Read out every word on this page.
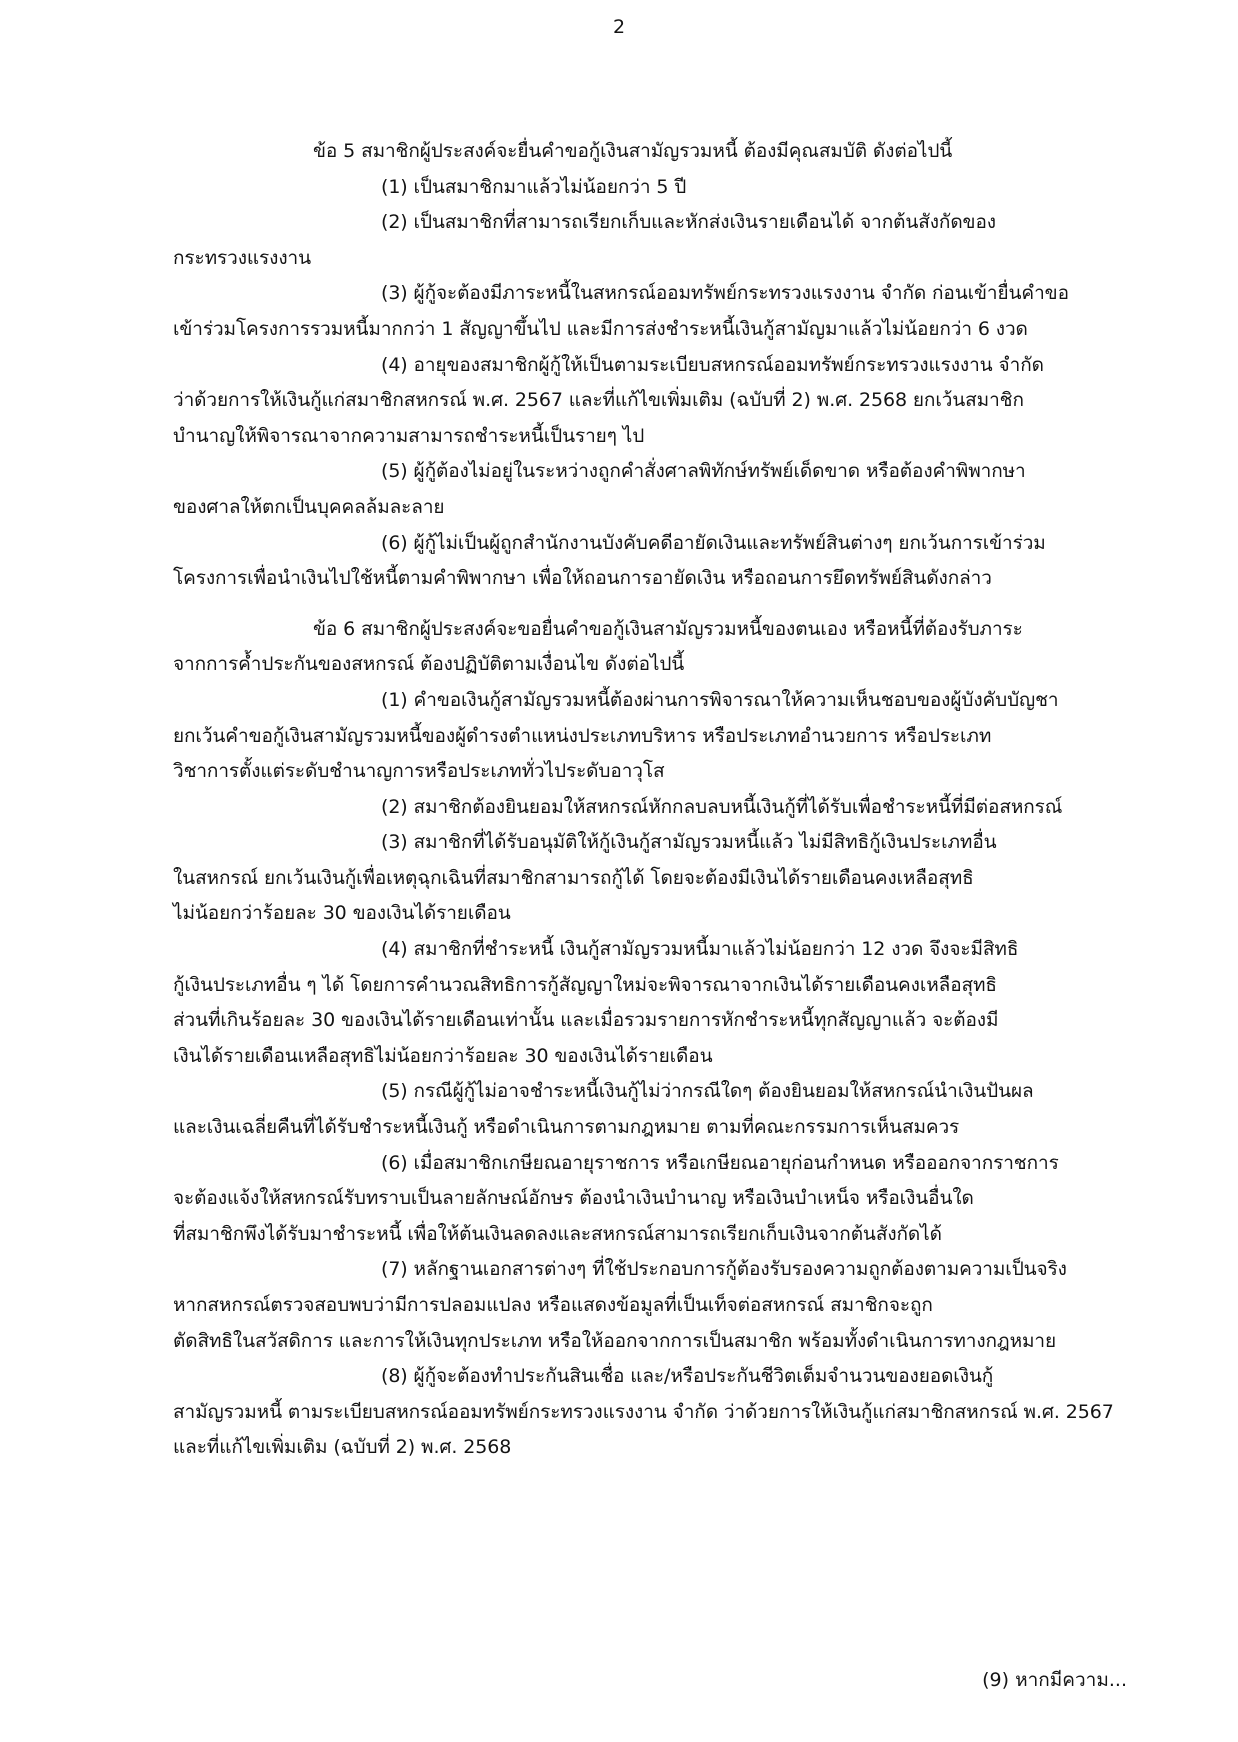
2
ข้อ 5 สมาชิกผู้ประสงค์จะยื่นคำขอกู้เงินสามัญรวมหนี้ ต้องมีคุณสมบัติ ดังต่อไปนี้
(1) เป็นสมาชิกมาแล้วไม่น้อยกว่า 5 ปี
(2) เป็นสมาชิกที่สามารถเรียกเก็บและหักส่งเงินรายเดือนได้ จากต้นสังกัดของ
กระทรวงแรงงาน
(3) ผู้กู้จะต้องมีภาระหนี้ในสหกรณ์ออมทรัพย์กระทรวงแรงงาน จำกัด ก่อนเข้ายื่นคำขอ
เข้าร่วมโครงการรวมหนี้มากกว่า 1 สัญญาขึ้นไป และมีการส่งชำระหนี้เงินกู้สามัญมาแล้วไม่น้อยกว่า 6 งวด
(4) อายุของสมาชิกผู้กู้ให้เป็นตามระเบียบสหกรณ์ออมทรัพย์กระทรวงแรงงาน จำกัด
ว่าด้วยการให้เงินกู้แก่สมาชิกสหกรณ์ พ.ศ. 2567 และที่แก้ไขเพิ่มเติม (ฉบับที่ 2) พ.ศ. 2568 ยกเว้นสมาชิก
บำนาญให้พิจารณาจากความสามารถชำระหนี้เป็นรายๆ ไป
(5) ผู้กู้ต้องไม่อยู่ในระหว่างถูกคำสั่งศาลพิทักษ์ทรัพย์เด็ดขาด หรือต้องคำพิพากษา
ของศาลให้ตกเป็นบุคคลล้มละลาย
(6) ผู้กู้ไม่เป็นผู้ถูกสำนักงานบังคับคดีอายัดเงินและทรัพย์สินต่างๆ ยกเว้นการเข้าร่วม
โครงการเพื่อนำเงินไปใช้หนี้ตามคำพิพากษา เพื่อให้ถอนการอายัดเงิน หรือถอนการยึดทรัพย์สินดังกล่าว
ข้อ 6 สมาชิกผู้ประสงค์จะขอยื่นคำขอกู้เงินสามัญรวมหนี้ของตนเอง หรือหนี้ที่ต้องรับภาระ
จากการค้ำประกันของสหกรณ์ ต้องปฏิบัติตามเงื่อนไข ดังต่อไปนี้
(1) คำขอเงินกู้สามัญรวมหนี้ต้องผ่านการพิจารณาให้ความเห็นชอบของผู้บังคับบัญชา
ยกเว้นคำขอกู้เงินสามัญรวมหนี้ของผู้ดำรงตำแหน่งประเภทบริหาร หรือประเภทอำนวยการ หรือประเภท
วิชาการตั้งแต่ระดับชำนาญการหรือประเภททั่วไประดับอาวุโส
(2) สมาชิกต้องยินยอมให้สหกรณ์หักกลบลบหนี้เงินกู้ที่ได้รับเพื่อชำระหนี้ที่มีต่อสหกรณ์
(3) สมาชิกที่ได้รับอนุมัติให้กู้เงินกู้สามัญรวมหนี้แล้ว ไม่มีสิทธิกู้เงินประเภทอื่น
ในสหกรณ์ ยกเว้นเงินกู้เพื่อเหตุฉุกเฉินที่สมาชิกสามารถกู้ได้ โดยจะต้องมีเงินได้รายเดือนคงเหลือสุทธิ
ไม่น้อยกว่าร้อยละ 30 ของเงินได้รายเดือน
(4) สมาชิกที่ชำระหนี้ เงินกู้สามัญรวมหนี้มาแล้วไม่น้อยกว่า 12 งวด จึงจะมีสิทธิ
กู้เงินประเภทอื่น ๆ ได้ โดยการคำนวณสิทธิการกู้สัญญาใหม่จะพิจารณาจากเงินได้รายเดือนคงเหลือสุทธิ
ส่วนที่เกินร้อยละ 30 ของเงินได้รายเดือนเท่านั้น และเมื่อรวมรายการหักชำระหนี้ทุกสัญญาแล้ว จะต้องมี
เงินได้รายเดือนเหลือสุทธิไม่น้อยกว่าร้อยละ 30 ของเงินได้รายเดือน
(5) กรณีผู้กู้ไม่อาจชำระหนี้เงินกู้ไม่ว่ากรณีใดๆ ต้องยินยอมให้สหกรณ์นำเงินปันผล
และเงินเฉลี่ยคืนที่ได้รับชำระหนี้เงินกู้ หรือดำเนินการตามกฎหมาย ตามที่คณะกรรมการเห็นสมควร
(6) เมื่อสมาชิกเกษียณอายุราชการ หรือเกษียณอายุก่อนกำหนด หรือออกจากราชการ
จะต้องแจ้งให้สหกรณ์รับทราบเป็นลายลักษณ์อักษร ต้องนำเงินบำนาญ หรือเงินบำเหน็จ หรือเงินอื่นใด
ที่สมาชิกพึงได้รับมาชำระหนี้ เพื่อให้ต้นเงินลดลงและสหกรณ์สามารถเรียกเก็บเงินจากต้นสังกัดได้
(7) หลักฐานเอกสารต่างๆ ที่ใช้ประกอบการกู้ต้องรับรองความถูกต้องตามความเป็นจริง
หากสหกรณ์ตรวจสอบพบว่ามีการปลอมแปลง หรือแสดงข้อมูลที่เป็นเท็จต่อสหกรณ์ สมาชิกจะถูก
ตัดสิทธิในสวัสดิการ และการให้เงินทุกประเภท หรือให้ออกจากการเป็นสมาชิก พร้อมทั้งดำเนินการทางกฎหมาย
(8) ผู้กู้จะต้องทำประกันสินเชื่อ และ/หรือประกันชีวิตเต็มจำนวนของยอดเงินกู้
สามัญรวมหนี้ ตามระเบียบสหกรณ์ออมทรัพย์กระทรวงแรงงาน จำกัด ว่าด้วยการให้เงินกู้แก่สมาชิกสหกรณ์ พ.ศ. 2567
และที่แก้ไขเพิ่มเติม (ฉบับที่ 2) พ.ศ. 2568
(9) หากมีความ...
